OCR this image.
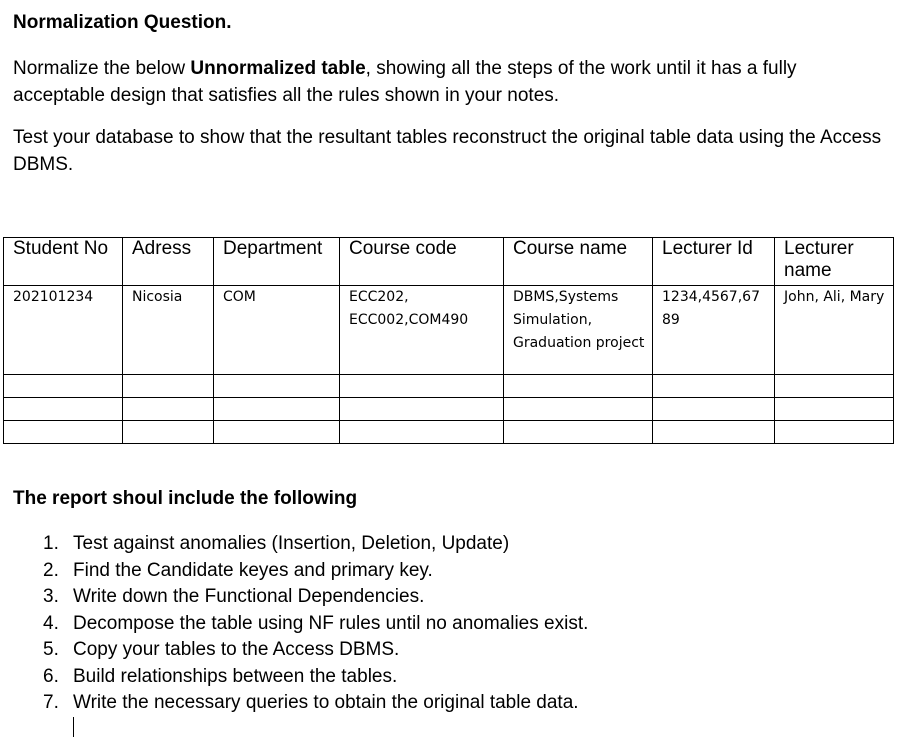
Normalization Question.

Normalize the below Unnormalized table, showing all the steps of the work until it has a fully acceptable design that satisfies all the rules shown in your notes.

Test your database to show that the resultant tables reconstruct the original table data using the Access DBMS.

Student No	Adress	Department	Course code	Course name	Lecturer Id	Lecturer name
202101234	Nicosia	COM	ECC202, ECC002,COM490	DBMS,Systems Simulation, Graduation project	1234,4567,67 89	John, Ali, Mary

The report shoul include the following

1. Test against anomalies (Insertion, Deletion, Update)
2. Find the Candidate keyes and primary key.
3. Write down the Functional Dependencies.
4. Decompose the table using NF rules until no anomalies exist.
5. Copy your tables to the Access DBMS.
6. Build relationships between the tables.
7. Write the necessary queries to obtain the original table data.
